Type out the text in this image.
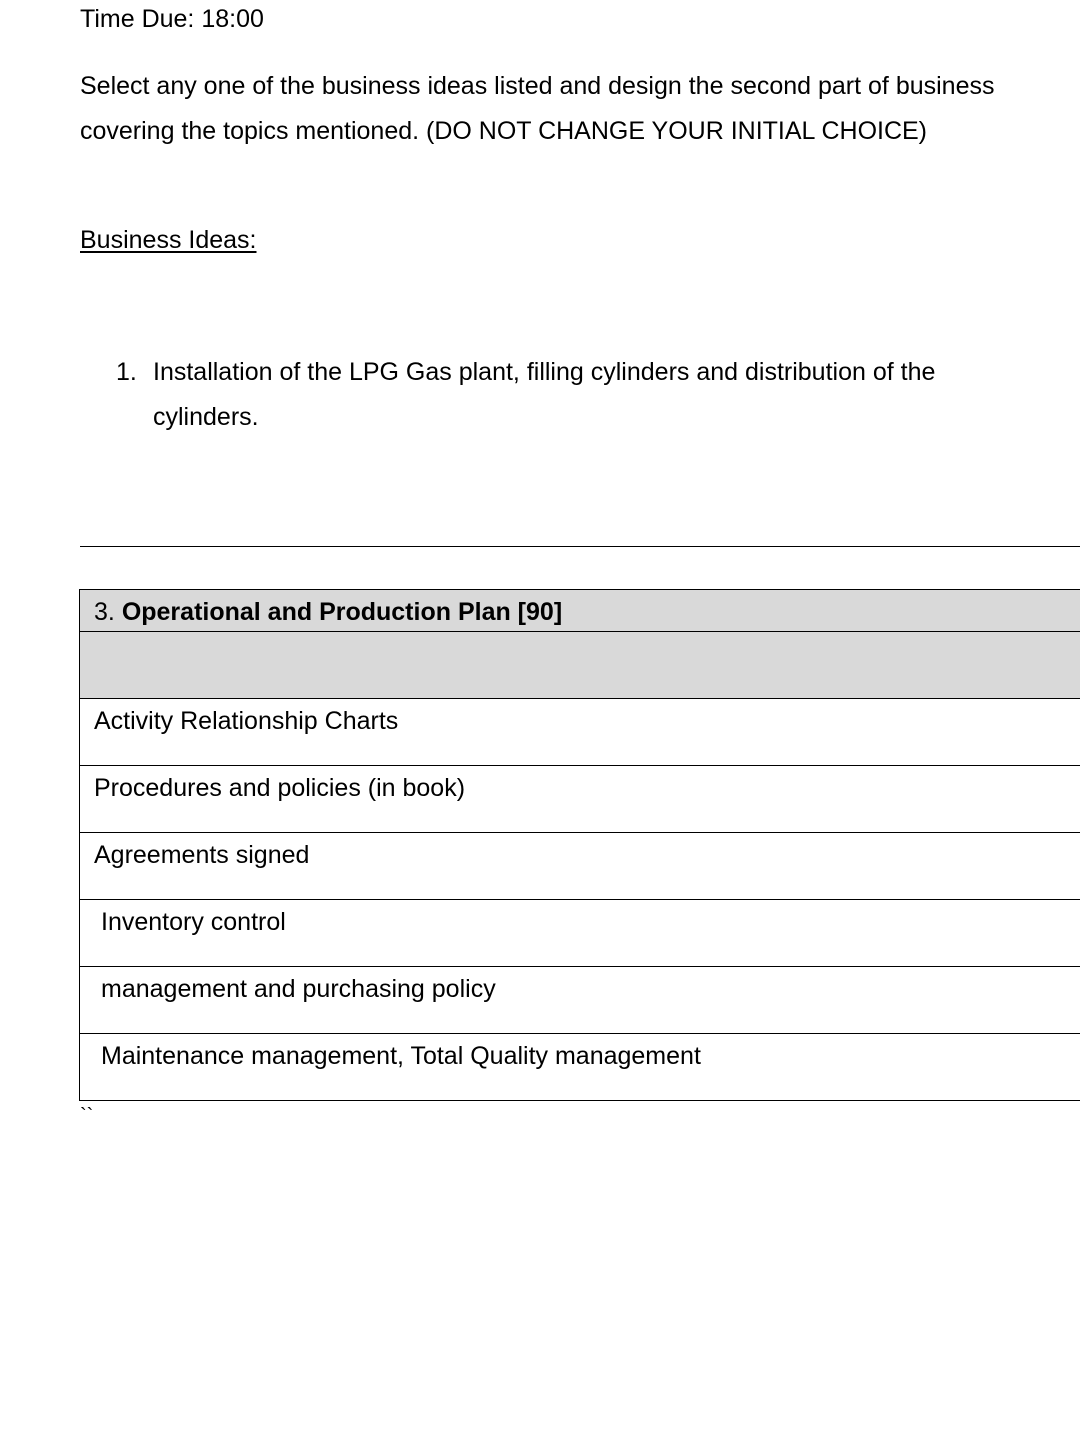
Time Due: 18:00
Select any one of the business ideas listed and design the second part of business covering the topics mentioned. (DO NOT CHANGE YOUR INITIAL CHOICE)
Business Ideas:
1. Installation of the LPG Gas plant, filling cylinders and distribution of the
cylinders.
3. Operational and Production Plan [90]

Activity Relationship Charts
Procedures and policies (in book)
Agreements signed
Inventory control
management and purchasing policy
Maintenance management, Total Quality management
``
